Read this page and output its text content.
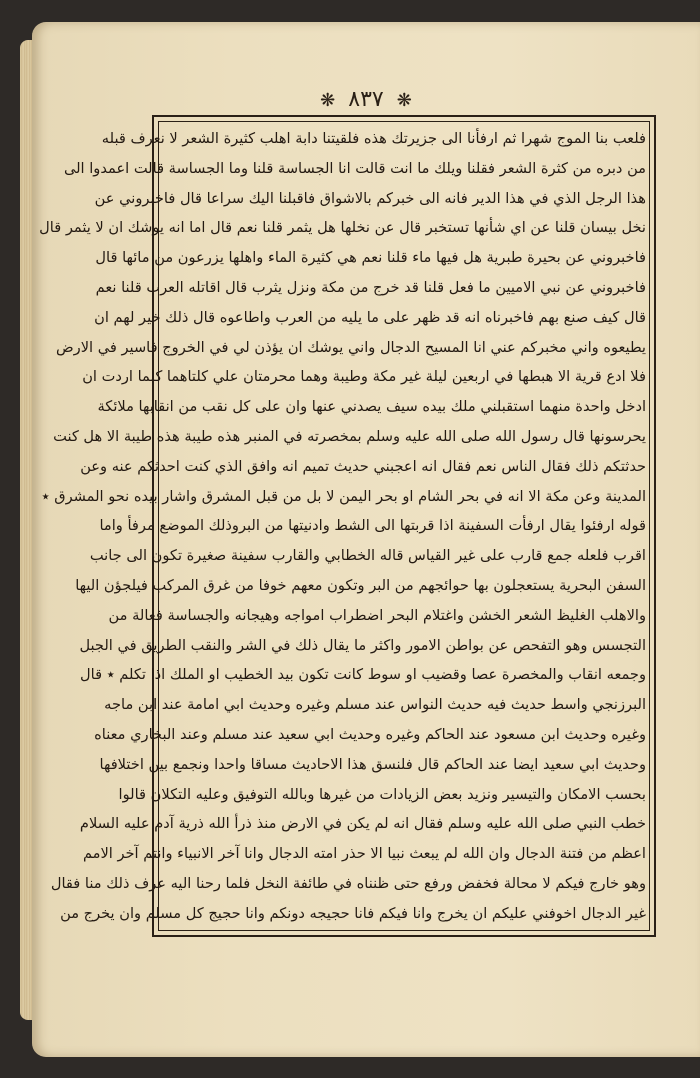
❋ ٨٣٧ ❋
فلعب بنا الموج شهرا ثم ارفأنا الى جزيرتك هذه فلقيتنا دابة اهلب كثيرة الشعر لا نعرف قبله
من دبره من كثرة الشعر فقلنا ويلك ما انت قالت انا الجساسة قلنا وما الجساسة قالت اعمدوا الى
هذا الرجل الذي في هذا الدير فانه الى خبركم بالاشواق فاقبلنا اليك سراعا قال فاخبروني عن
نخل بيسان قلنا عن اي شأنها تستخبر قال عن نخلها هل يثمر قلنا نعم قال اما انه يوشك ان لا يثمر قال
فاخبروني عن بحيرة طبرية هل فيها ماء قلنا نعم هي كثيرة الماء واهلها يزرعون من مائها قال
فاخبروني عن نبي الاميين ما فعل قلنا قد خرج من مكة ونزل يثرب قال اقاتله العرب قلنا نعم
قال كيف صنع بهم فاخبرناه انه قد ظهر على ما يليه من العرب واطاعوه قال ذلك خير لهم ان
يطيعوه واني مخبركم عني انا المسيح الدجال واني يوشك ان يؤذن لي في الخروج فاسير في الارض
فلا ادع قرية الا هبطها في اربعين ليلة غير مكة وطيبة وهما محرمتان علي كلتاهما كلما اردت ان
ادخل واحدة منهما استقبلني ملك بيده سيف يصدني عنها وان على كل نقب من انقابها ملائكة
يحرسونها قال رسول الله صلى الله عليه وسلم بمخصرته في المنبر هذه طيبة هذه طيبة الا هل كنت
حدثتكم ذلك فقال الناس نعم فقال انه اعجبني حديث تميم انه وافق الذي كنت احدثكم عنه وعن
المدينة وعن مكة الا انه في بحر الشام او بحر اليمن لا بل من قبل المشرق واشار بيده نحو المشرق ٭
قوله ارفئوا يقال ارفأت السفينة اذا قربتها الى الشط وادنيتها من البروذلك الموضع مرفأ واما
اقرب فلعله جمع قارب على غير القياس قاله الخطابي والقارب سفينة صغيرة تكون الى جانب
السفن البحرية يستعجلون بها حوائجهم من البر وتكون معهم خوفا من غرق المركب فيلجؤن اليها
والاهلب الغليظ الشعر الخشن واغتلام البحر اضطراب امواجه وهيجانه والجساسة فعالة من
التجسس وهو التفحص عن بواطن الامور واكثر ما يقال ذلك في الشر والنقب الطريق في الجبل
وجمعه انقاب والمخصرة عصا وقضيب او سوط كانت تكون بيد الخطيب او الملك اذا تكلم ٭ قال
البرزنجي واسط حديث فيه حديث النواس عند مسلم وغيره وحديث ابي امامة عند ابن ماجه
وغيره وحديث ابن مسعود عند الحاكم وغيره وحديث ابي سعيد عند مسلم وعند البخاري معناه
وحديث ابي سعيد ايضا عند الحاكم قال فلنسق هذا الاحاديث مساقا واحدا ونجمع بين اختلافها
بحسب الامكان والتيسير ونزيد بعض الزيادات من غيرها وبالله التوفيق وعليه التكلان قالوا
خطب النبي صلى الله عليه وسلم فقال انه لم يكن في الارض منذ ذرأ الله ذرية آدم عليه السلام
اعظم من فتنة الدجال وان الله لم يبعث نبيا الا حذر امته الدجال وانا آخر الانبياء وانتم آخر الامم
وهو خارج فيكم لا محالة فخفض ورفع حتى ظنناه في طائفة النخل فلما رحنا اليه عرف ذلك منا فقال
غير الدجال اخوفني عليكم ان يخرج وانا فيكم فانا حجيجه دونكم وانا حجيج كل مسلم وان يخرج من
